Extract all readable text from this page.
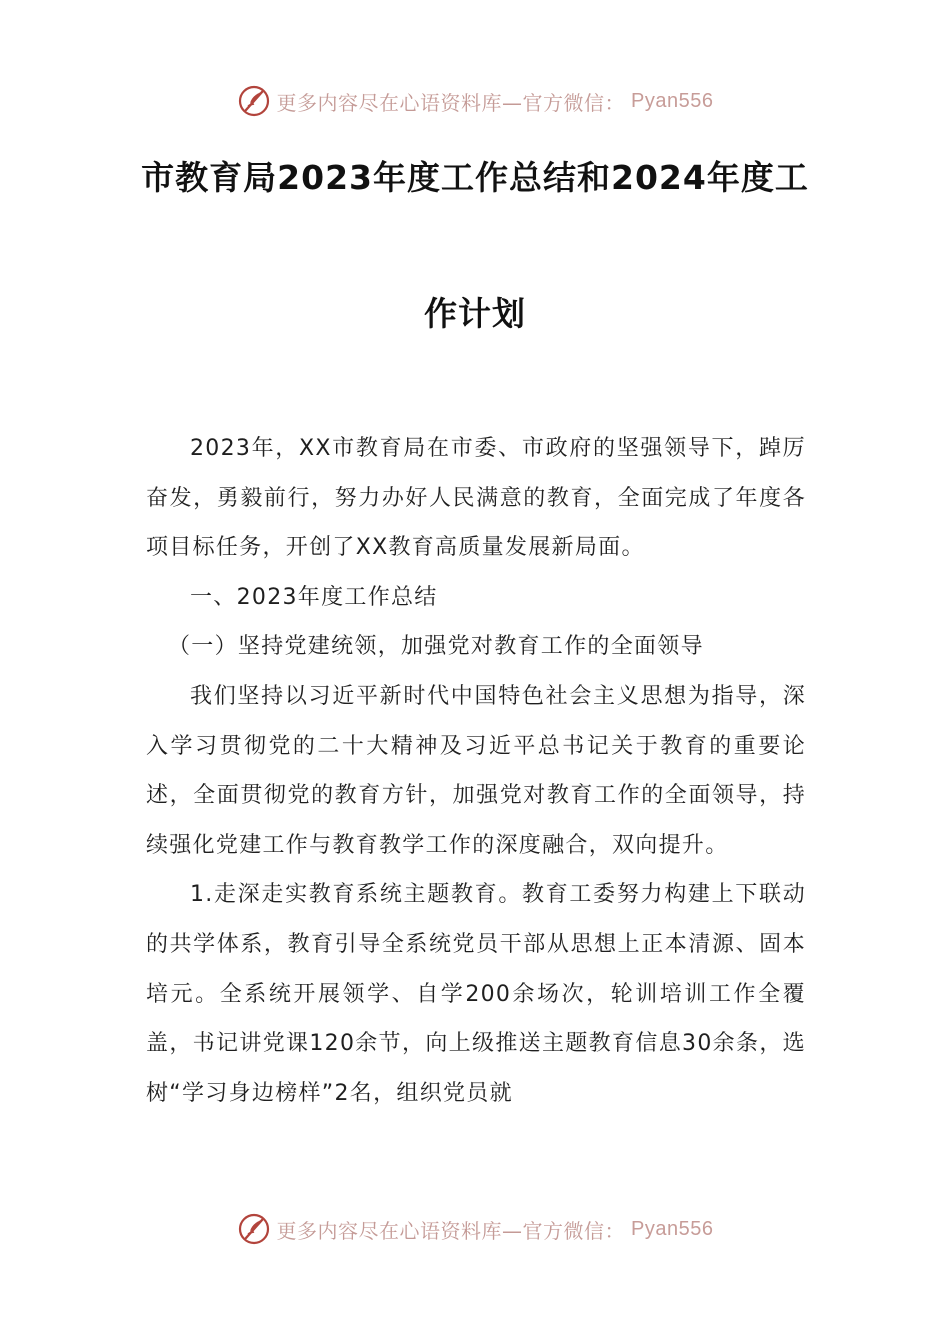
更多内容尽在心语资料库—官方微信： Pyan556
市教育局2023年度工作总结和2024年度工
作计划

2023年，XX市教育局在市委、市政府的坚强领导下，踔厉奋发，勇毅前行，努力办好人民满意的教育，全面完成了年度各项目标任务，开创了XX教育高质量发展新局面。

一、2023年度工作总结

（一）坚持党建统领，加强党对教育工作的全面领导

我们坚持以习近平新时代中国特色社会主义思想为指导，深入学习贯彻党的二十大精神及习近平总书记关于教育的重要论述，全面贯彻党的教育方针，加强党对教育工作的全面领导，持续强化党建工作与教育教学工作的深度融合，双向提升。

1.走深走实教育系统主题教育。教育工委努力构建上下联动的共学体系，教育引导全系统党员干部从思想上正本清源、固本培元。全系统开展领学、自学200余场次，轮训培训工作全覆盖，书记讲党课120余节，向上级推送主题教育信息30余条，选树“学习身边榜样”2名，组织党员就

更多内容尽在心语资料库—官方微信： Pyan556
